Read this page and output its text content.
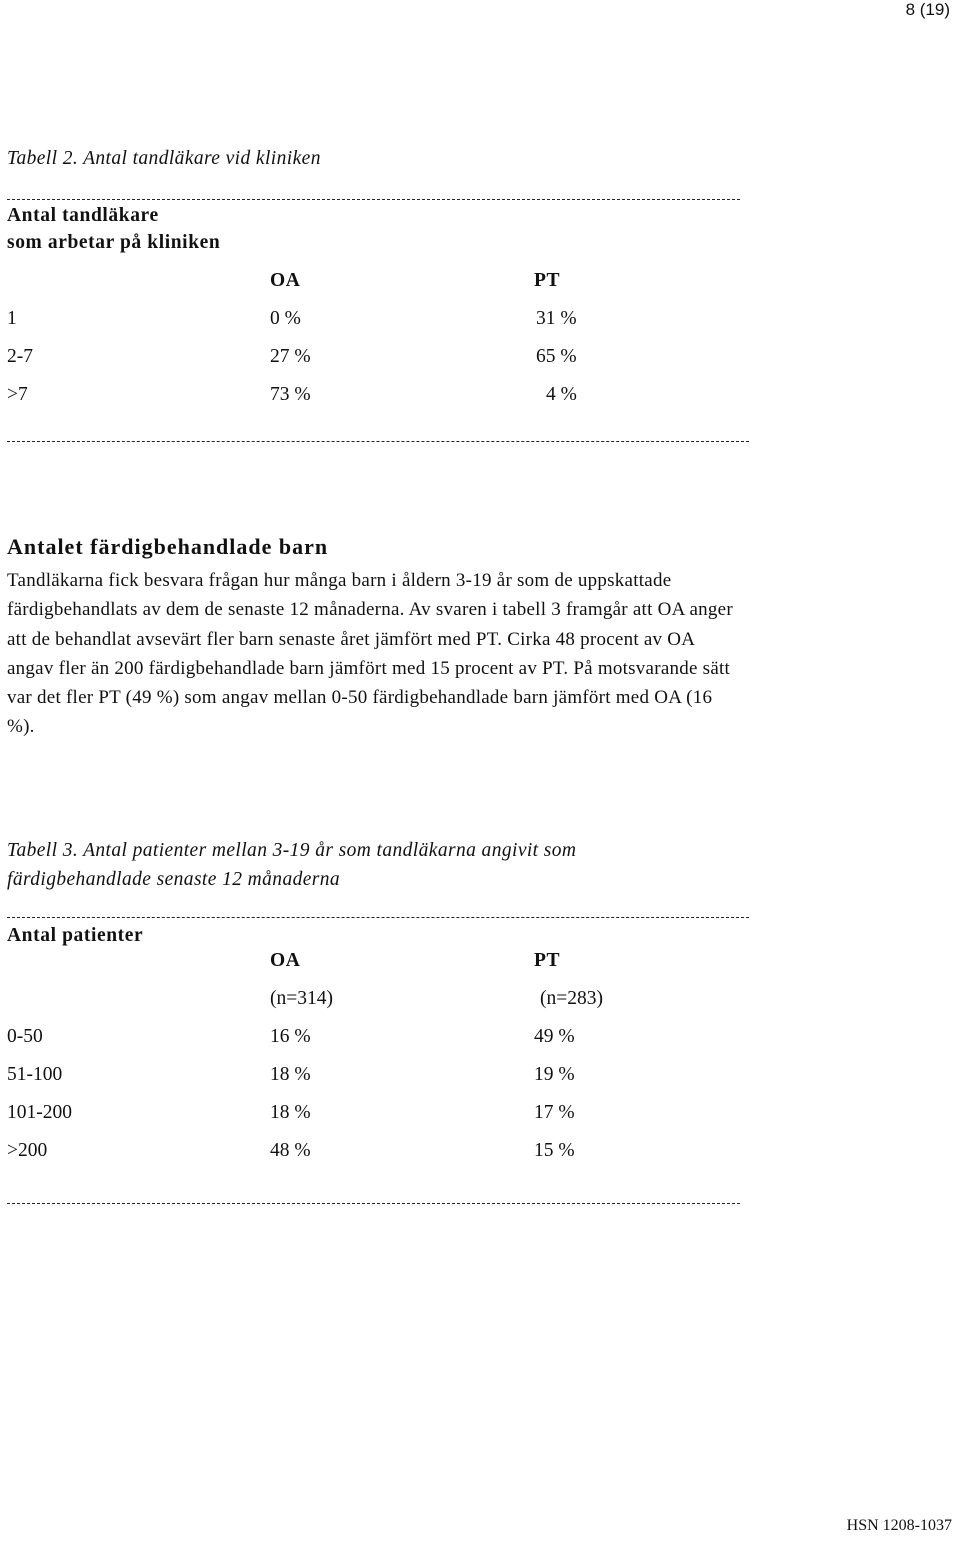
8 (19)
Tabell 2. Antal tandläkare vid kliniken
Antal tandläkare
som arbetar på kliniken
OA	PT
1	0 %	31 %
2-7	27 %	65 %
>7	73 %	4 %
Antalet färdigbehandlade barn

Tandläkarna fick besvara frågan hur många barn i åldern 3-19 år som de uppskattade färdigbehandlats av dem de senaste 12 månaderna. Av svaren i tabell 3 framgår att OA anger att de behandlat avsevärt fler barn senaste året jämfört med PT. Cirka 48 procent av OA angav fler än 200 färdigbehandlade barn jämfört med 15 procent av PT. På motsvarande sätt var det fler PT (49 %) som angav mellan 0-50 färdigbehandlade barn jämfört med OA (16 %).

Tabell 3. Antal patienter mellan 3-19 år som tandläkarna angivit som
färdigbehandlade senaste 12 månaderna
Antal patienter
OA	PT
(n=314)	(n=283)
0-50	16 %	49 %
51-100	18 %	19 %
101-200	18 %	17 %
>200	48 %	15 %
HSN 1208-1037
